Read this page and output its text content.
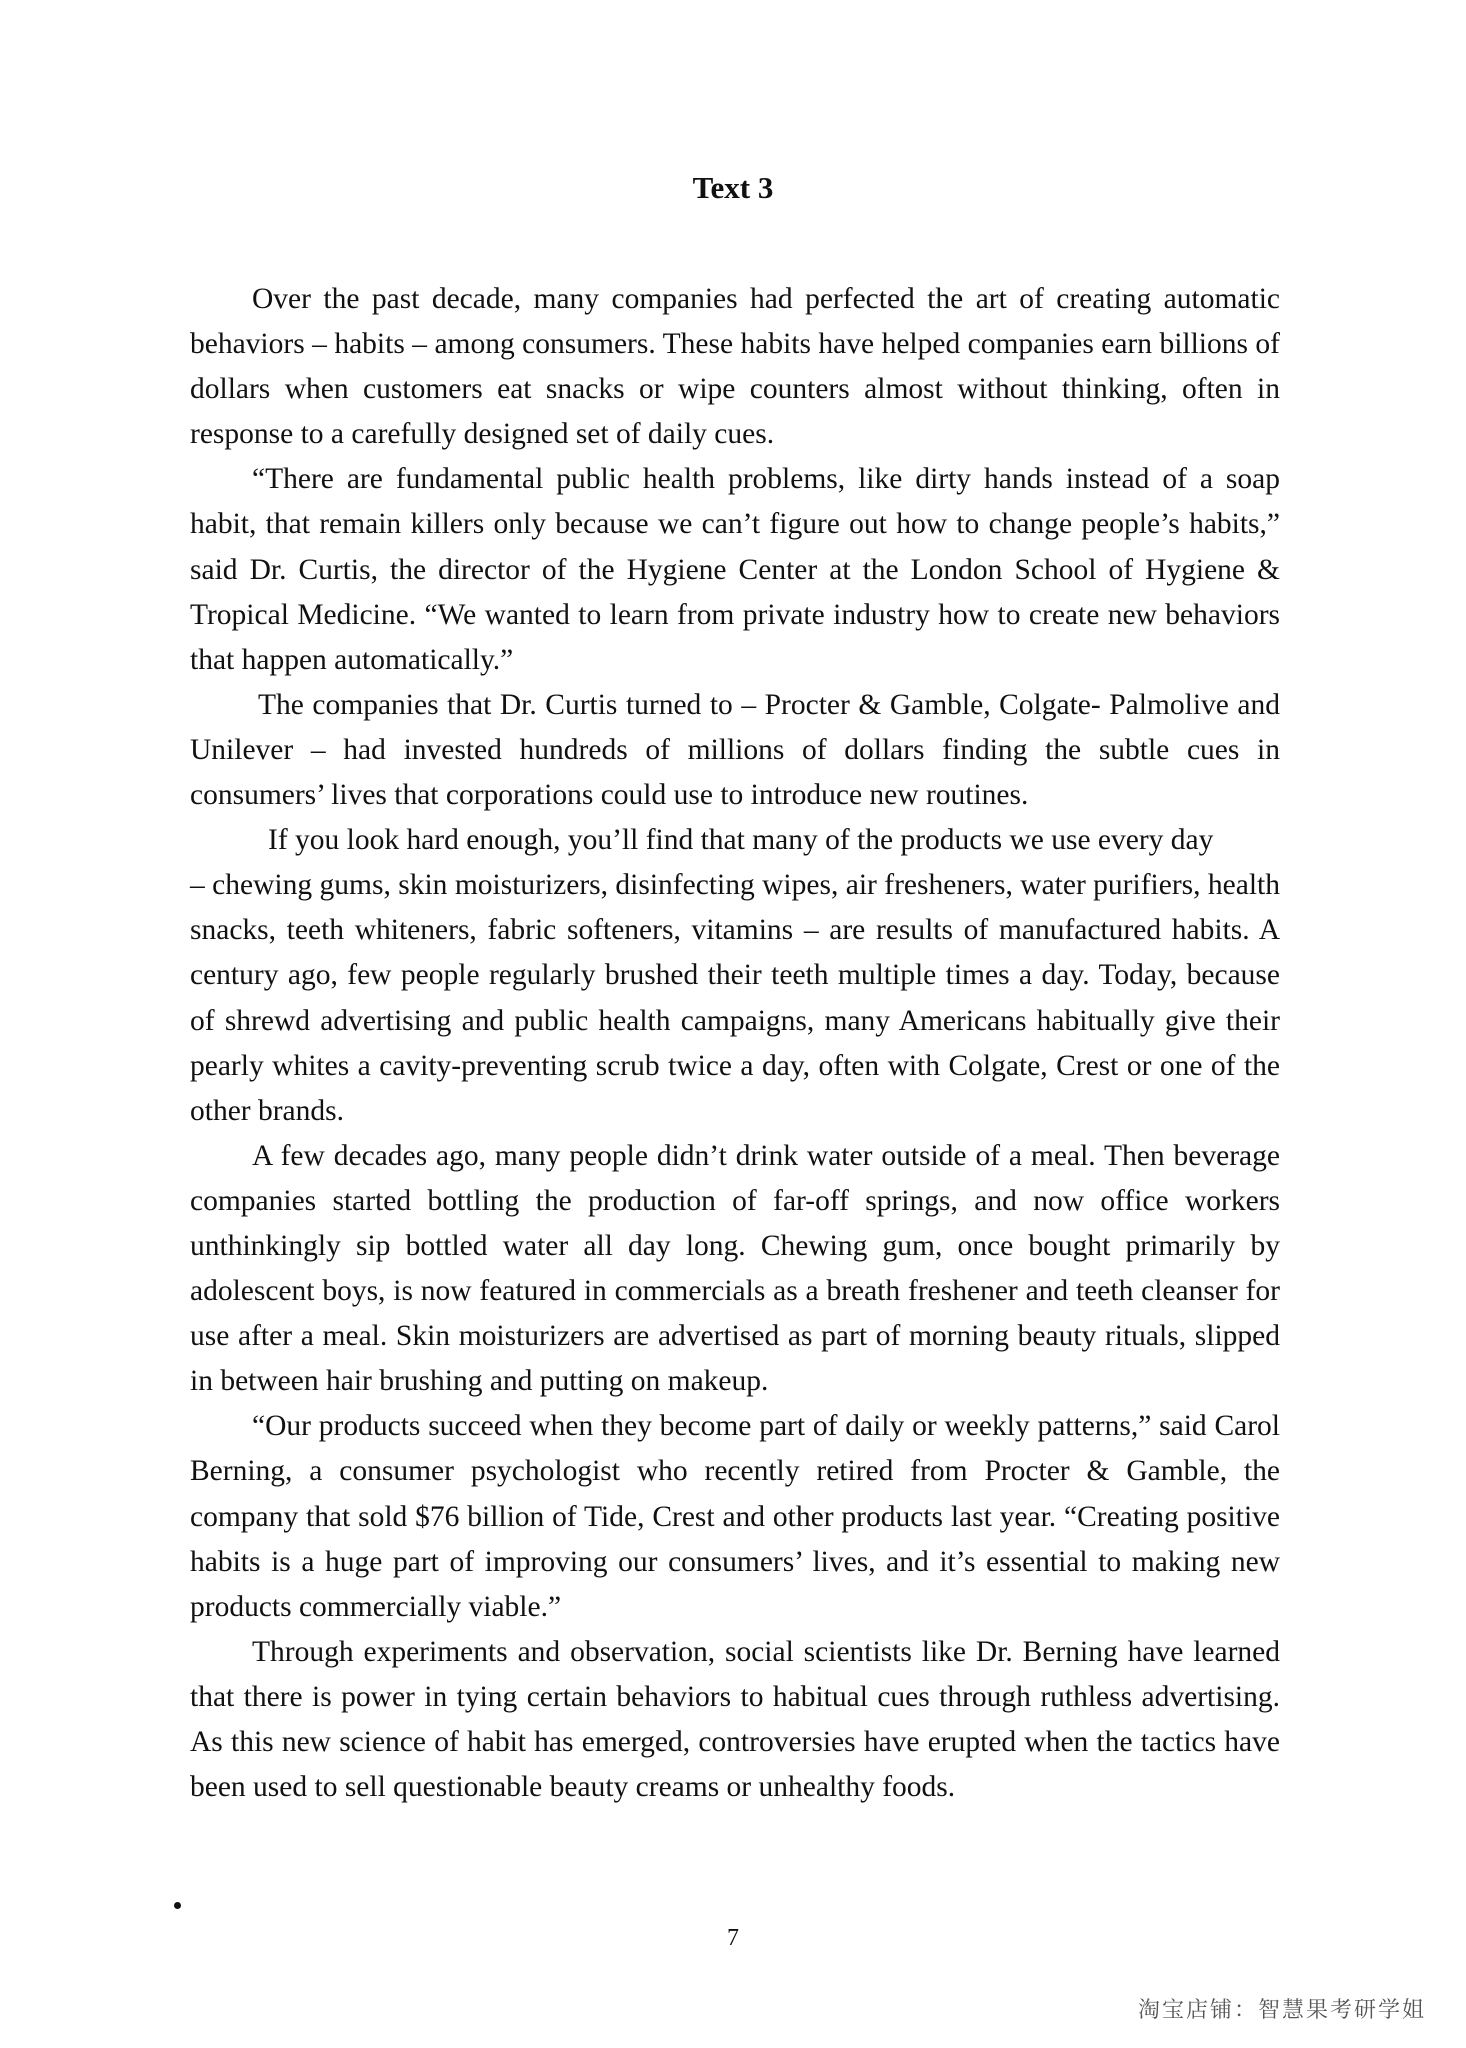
Text 3

Over the past decade, many companies had perfected the art of creating automatic behaviors – habits – among consumers. These habits have helped companies earn billions of dollars when customers eat snacks or wipe counters almost without thinking, often in response to a carefully designed set of daily cues.

“There are fundamental public health problems, like dirty hands instead of a soap habit, that remain killers only because we can’t figure out how to change people’s habits,” said Dr. Curtis, the director of the Hygiene Center at the London School of Hygiene & Tropical Medicine. “We wanted to learn from private industry how to create new behaviors that happen automatically.”

The companies that Dr. Curtis turned to – Procter & Gamble, Colgate- Palmolive and Unilever – had invested hundreds of millions of dollars finding the subtle cues in consumers’ lives that corporations could use to introduce new routines.

If you look hard enough, you’ll find that many of the products we use every day

– chewing gums, skin moisturizers, disinfecting wipes, air fresheners, water purifiers, health snacks, teeth whiteners, fabric softeners, vitamins – are results of manufactured habits. A century ago, few people regularly brushed their teeth multiple times a day. Today, because of shrewd advertising and public health campaigns, many Americans habitually give their pearly whites a cavity-preventing scrub twice a day, often with Colgate, Crest or one of the other brands.

A few decades ago, many people didn’t drink water outside of a meal. Then beverage companies started bottling the production of far-off springs, and now office workers unthinkingly sip bottled water all day long. Chewing gum, once bought primarily by adolescent boys, is now featured in commercials as a breath freshener and teeth cleanser for use after a meal. Skin moisturizers are advertised as part of morning beauty rituals, slipped in between hair brushing and putting on makeup.

“Our products succeed when they become part of daily or weekly patterns,” said Carol Berning, a consumer psychologist who recently retired from Procter & Gamble, the company that sold $76 billion of Tide, Crest and other products last year. “Creating positive habits is a huge part of improving our consumers’ lives, and it’s essential to making new products commercially viable.”

Through experiments and observation, social scientists like Dr. Berning have learned that there is power in tying certain behaviors to habitual cues through ruthless advertising. As this new science of habit has emerged, controversies have erupted when the tactics have been used to sell questionable beauty creams or unhealthy foods.

7
淘宝店铺：智慧果考研学姐
